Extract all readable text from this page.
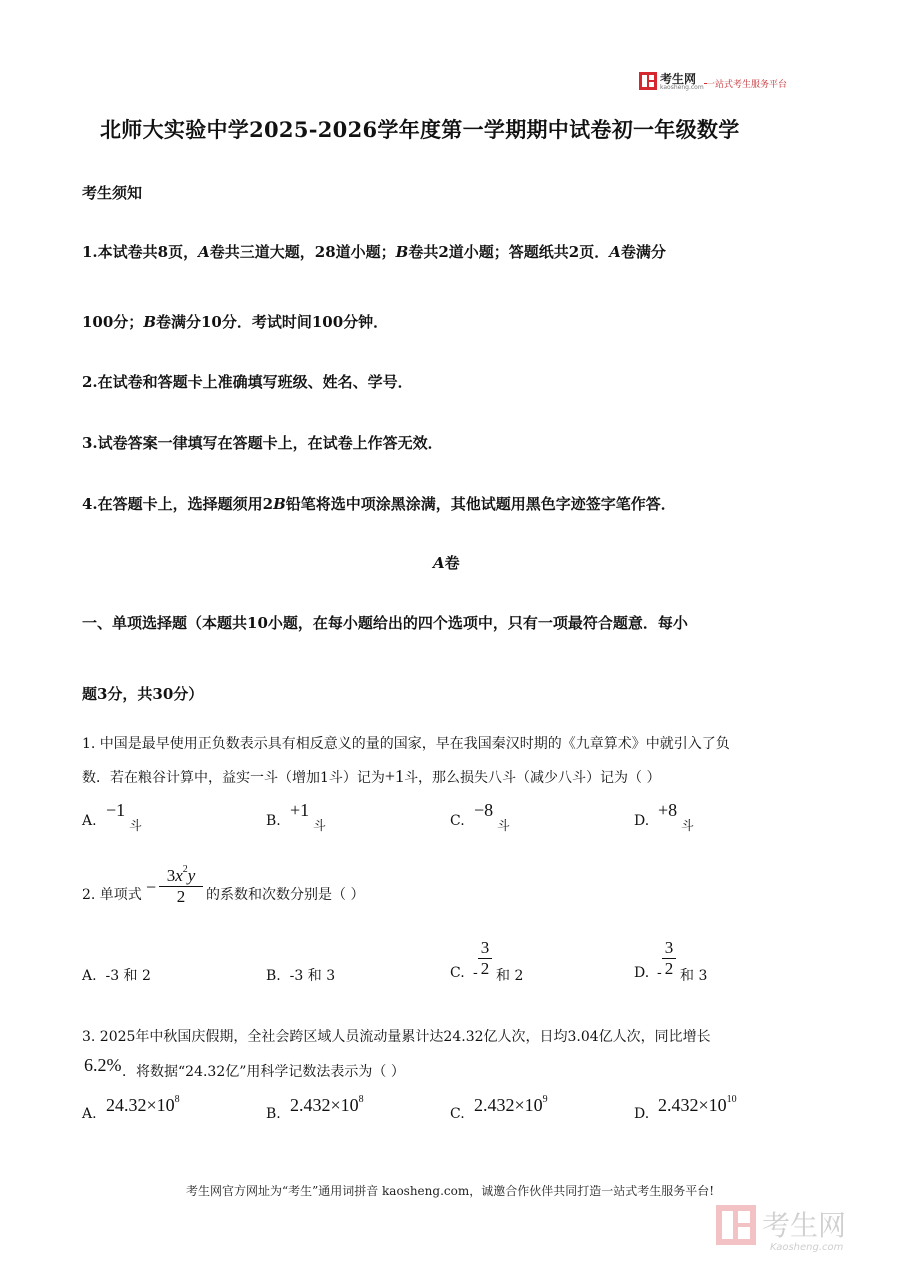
考生网
kaosheng.com 一站式考生服务平台
北师大实验中学2025-2026学年度第一学期期中试卷初一年级数学
考生须知
1.本试卷共8页，A卷共三道大题，28道小题；B卷共2道小题；答题纸共2页．A卷满分
100分；B卷满分10分．考试时间100分钟．
2.在试卷和答题卡上准确填写班级、姓名、学号．
3.试卷答案一律填写在答题卡上，在试卷上作答无效．
4.在答题卡上，选择题须用2B铅笔将选中项涂黑涂满，其他试题用黑色字迹签字笔作答．
A卷
一、单项选择题（本题共10小题，在每小题给出的四个选项中，只有一项最符合题意．每小
题3分，共30分）
1. 中国是最早使用正负数表示具有相反意义的量的国家，早在我国秦汉时期的《九章算术》中就引入了负
数．若在粮谷计算中，益实一斗（增加1斗）记为+1斗，那么损失八斗（减少八斗）记为（ ）
A.
−1
斗	B.
+1
斗	C.
−8
斗	D.
+8
斗
2. 单项式 −
$3x^2y$
2 的系数和次数分别是（ ）
A. -3 和 2	B. -3 和 3	C. -
3
2 和 2	D. -
3
2 和 3
3. 2025年中秋国庆假期，全社会跨区域人员流动量累计达24.32亿人次，日均3.04亿人次，同比增长
6.2% ．将数据“24.32亿”用科学记数法表示为（ ）
A. $24.32\times 10^8$
B. $2.432\times 10^8$
C. $2.432\times 10^9$
D. $2.432\times 10^{10}$
考生网官方网址为“考生”通用词拼音 kaosheng.com，诚邀合作伙伴共同打造一站式考生服务平台!
考生网
Kaosheng.com
